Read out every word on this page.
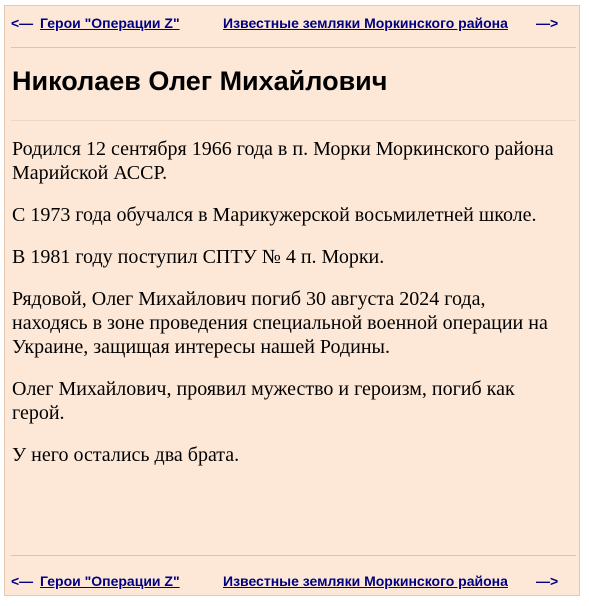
<— Герои "Операции Z"	Известные земляки Моркинского района —>
Николаев Олег Михайлович

Родился 12 сентября 1966 года в п. Морки Моркинского района Марийской АССР.

С 1973 года обучался в Марикужерской восьмилетней школе.

В 1981 году поступил СПТУ № 4 п. Морки.

Рядовой, Олег Михайлович погиб 30 августа 2024 года, находясь в зоне проведения специальной военной операции на Украине, защищая интересы нашей Родины.

Олег Михайлович, проявил мужество и героизм, погиб как герой.

У него остались два брата.

<— Герои "Операции Z"	Известные земляки Моркинского района —>
